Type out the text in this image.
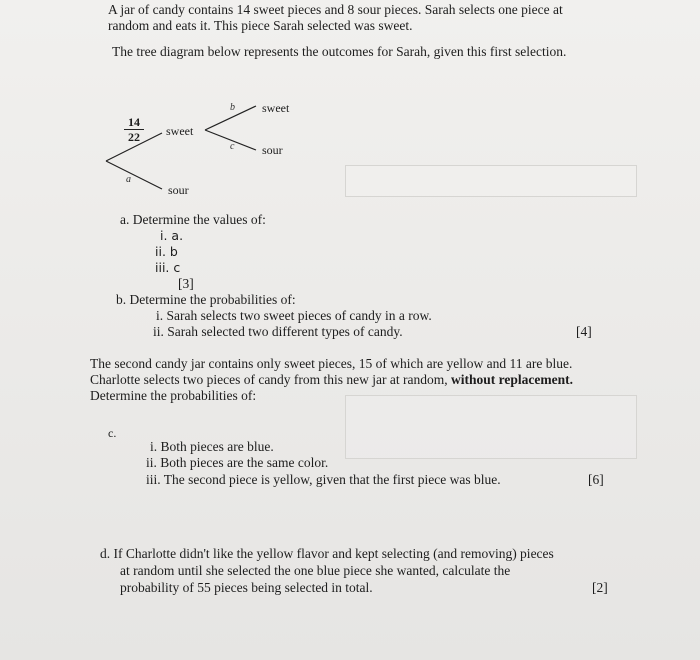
A jar of candy contains 14 sweet pieces and 8 sour pieces. Sarah selects one piece at
random and eats it. This piece Sarah selected was sweet.
The tree diagram below represents the outcomes for Sarah, given this first selection.
14
22	sweet
sour
sweet
sour
a
b
c
a. Determine the values of:
i. a.
ii. b
iii. c
[3]
b. Determine the probabilities of:
i. Sarah selects two sweet pieces of candy in a row.
ii. Sarah selected two different types of candy.	[4]
The second candy jar contains only sweet pieces, 15 of which are yellow and 11 are blue.
Charlotte selects two pieces of candy from this new jar at random, without replacement.
Determine the probabilities of:
c.
i. Both pieces are blue.
ii. Both pieces are the same color.
iii. The second piece is yellow, given that the first piece was blue.	[6]
d. If Charlotte didn't like the yellow flavor and kept selecting (and removing) pieces
at random until she selected the one blue piece she wanted, calculate the
probability of 55 pieces being selected in total.	[2]
